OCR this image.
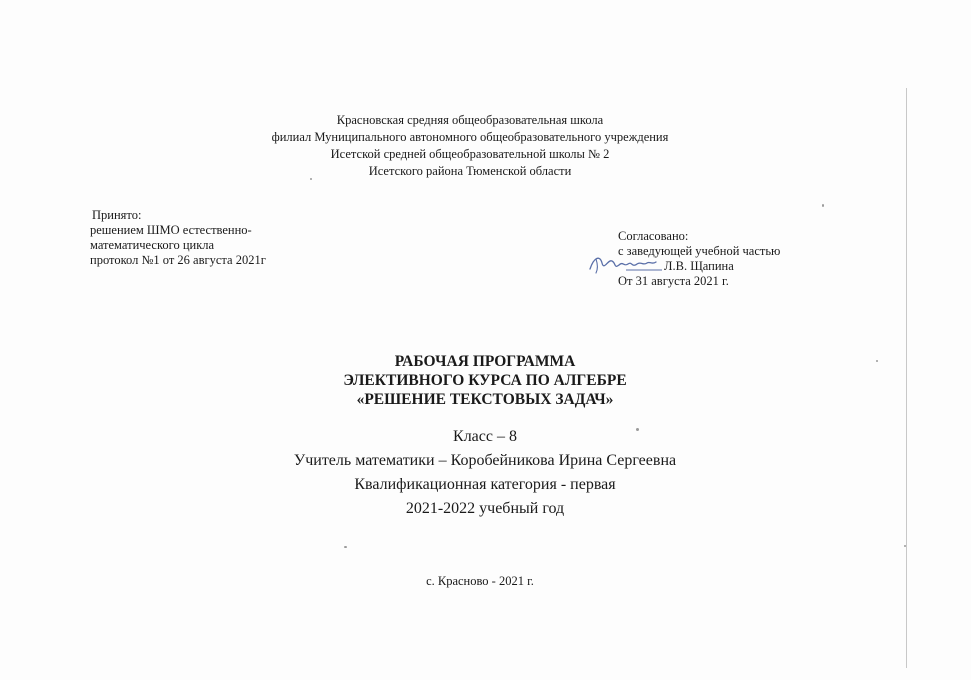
Красновская средняя общеобразовательная школа
филиал Муниципального автономного общеобразовательного учреждения
Исетской средней общеобразовательной школы № 2
Исетского района Тюменской области
Принято:
решением ШМО естественно-
математического цикла
протокол №1 от 26 августа 2021г
Согласовано:
с заведующей учебной частью
Л.В. Щапина
От 31 августа 2021 г.
РАБОЧАЯ ПРОГРАММА
ЭЛЕКТИВНОГО КУРСА ПО АЛГЕБРЕ
«РЕШЕНИЕ ТЕКСТОВЫХ ЗАДАЧ»
Класс – 8
Учитель математики – Коробейникова Ирина Сергеевна
Квалификационная категория - первая
2021-2022 учебный год
с. Красново - 2021 г.
